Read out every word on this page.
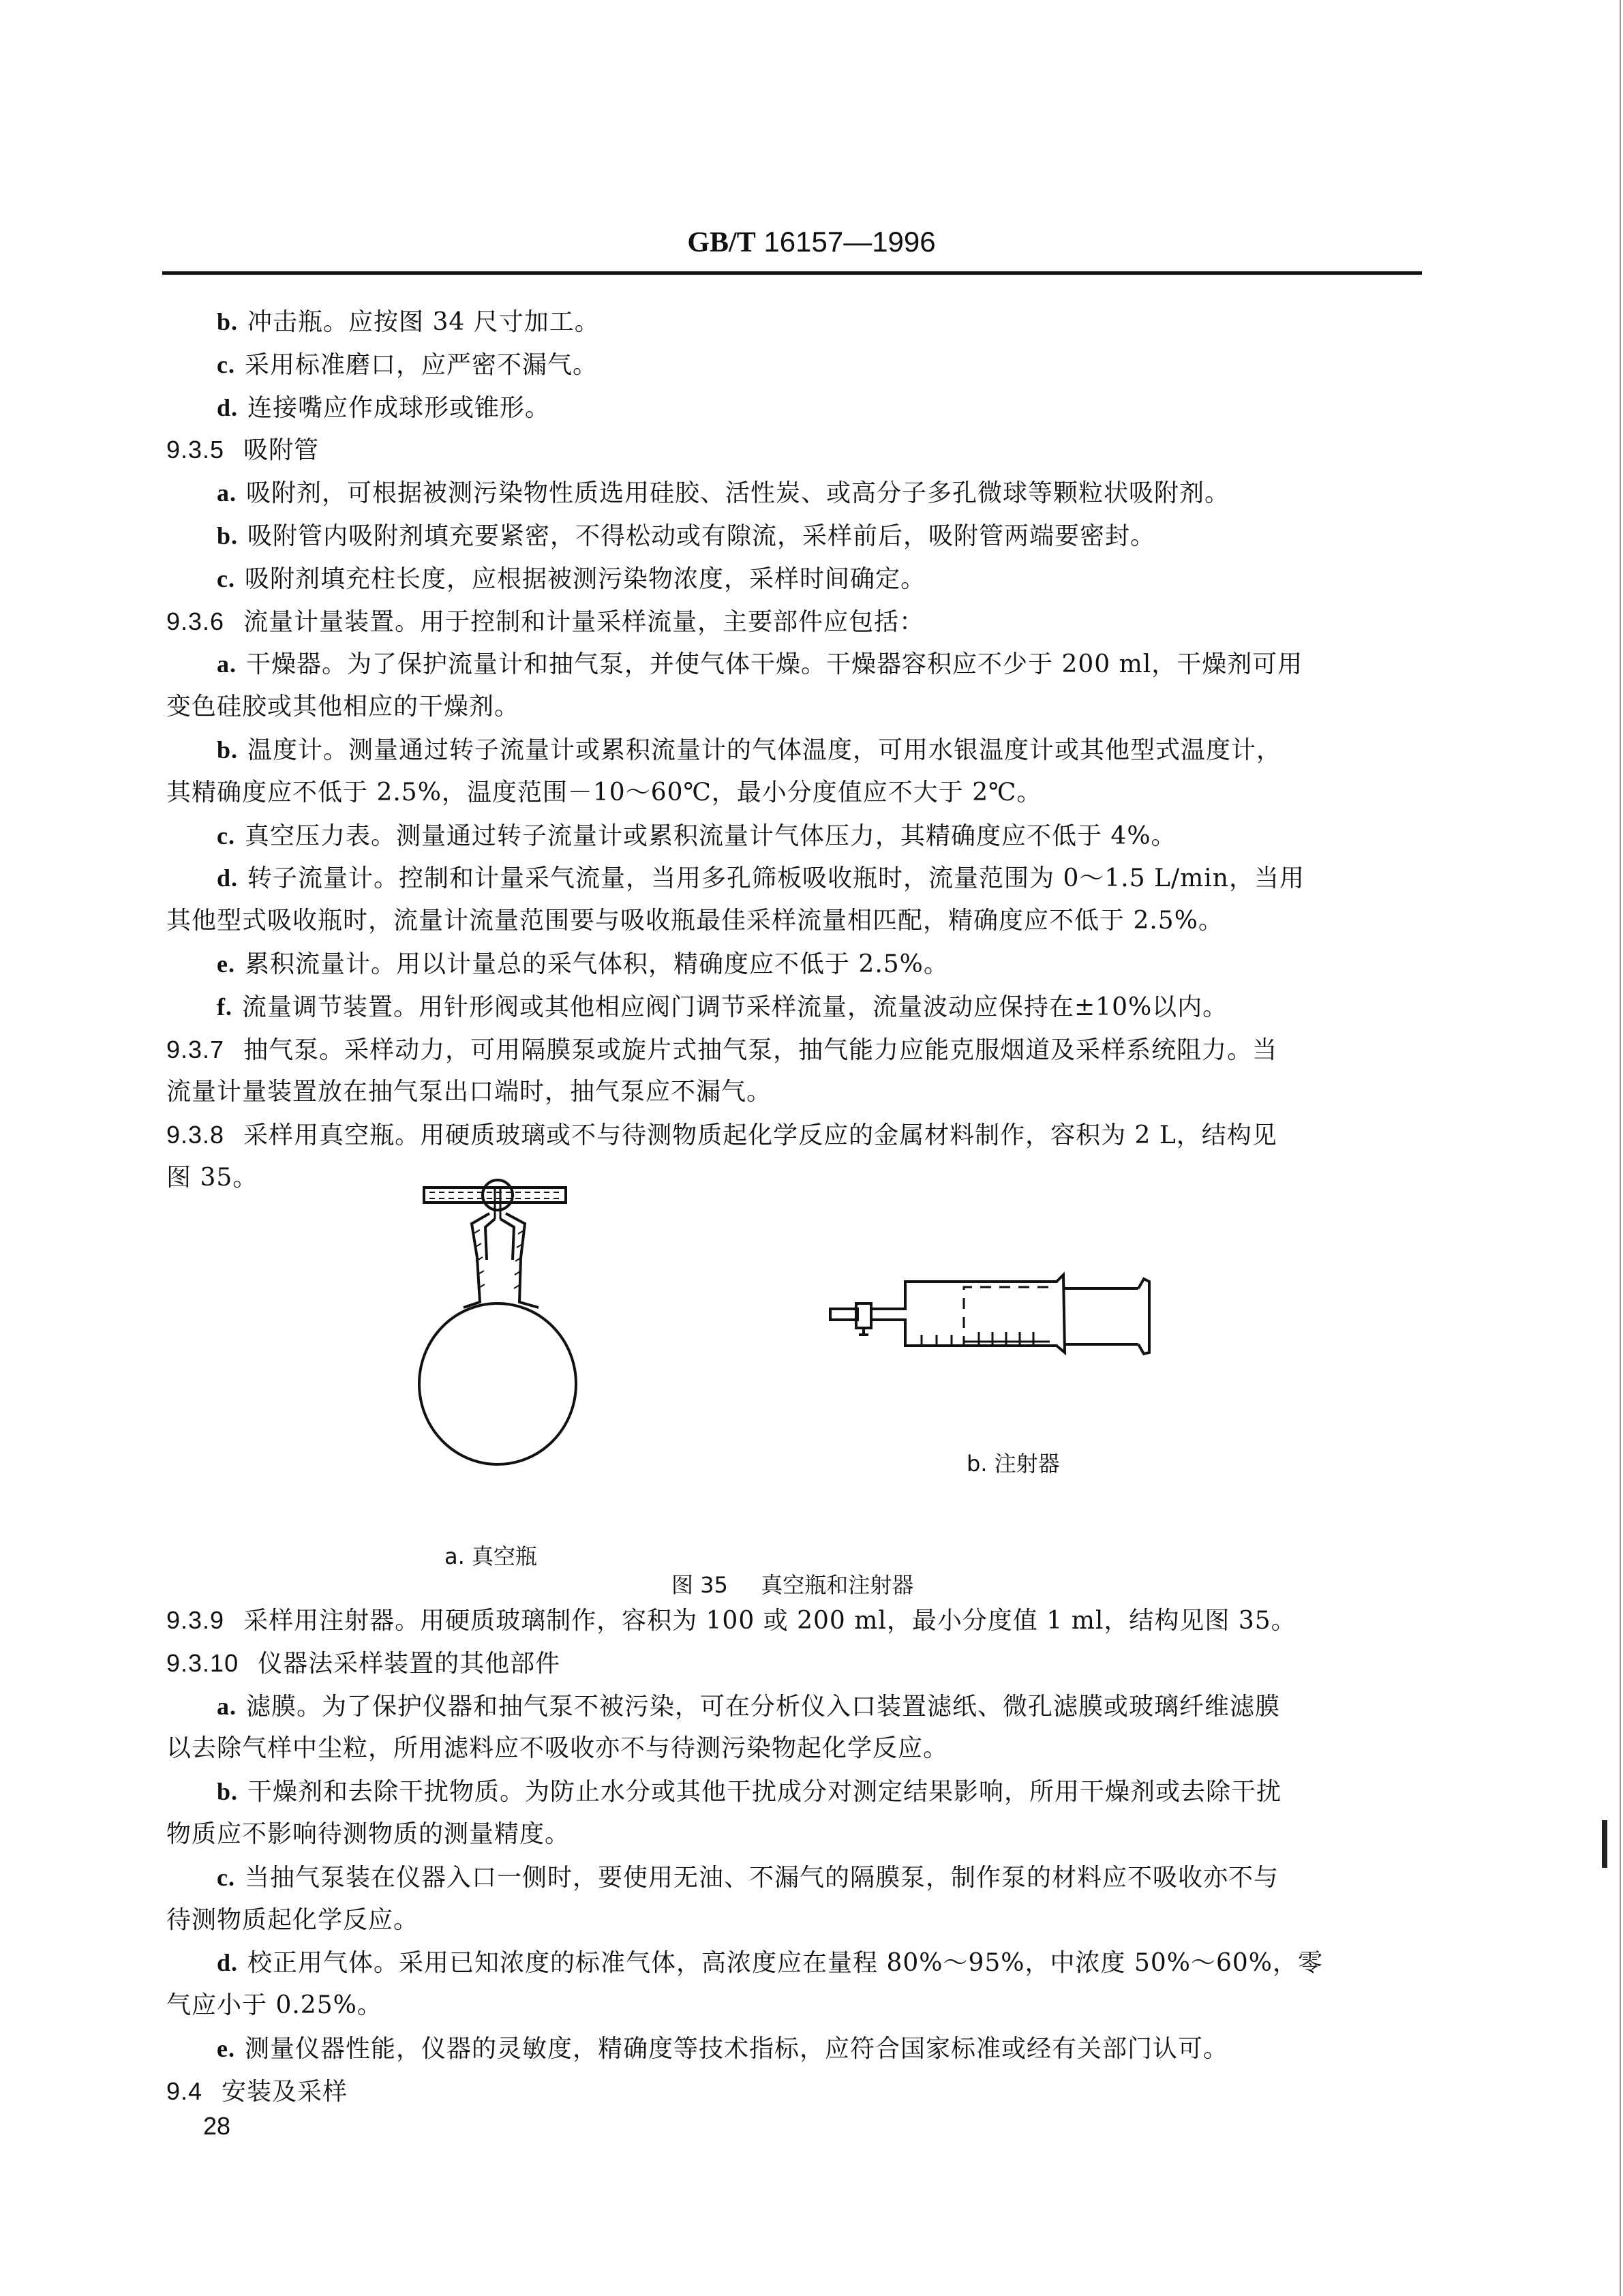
GB/T 16157—1996
b. 冲击瓶。应按图 34 尺寸加工。
c. 采用标准磨口，应严密不漏气。
d. 连接嘴应作成球形或锥形。
9.3.5 吸附管
a. 吸附剂，可根据被测污染物性质选用硅胶、活性炭、或高分子多孔微球等颗粒状吸附剂。
b. 吸附管内吸附剂填充要紧密，不得松动或有隙流，采样前后，吸附管两端要密封。
c. 吸附剂填充柱长度，应根据被测污染物浓度，采样时间确定。
9.3.6 流量计量装置。用于控制和计量采样流量，主要部件应包括：
a. 干燥器。为了保护流量计和抽气泵，并使气体干燥。干燥器容积应不少于 200 ml，干燥剂可用
变色硅胶或其他相应的干燥剂。
b. 温度计。测量通过转子流量计或累积流量计的气体温度，可用水银温度计或其他型式温度计，
其精确度应不低于 2.5%，温度范围－10～60℃，最小分度值应不大于 2℃。
c. 真空压力表。测量通过转子流量计或累积流量计气体压力，其精确度应不低于 4%。
d. 转子流量计。控制和计量采气流量，当用多孔筛板吸收瓶时，流量范围为 0～1.5 L/min，当用
其他型式吸收瓶时，流量计流量范围要与吸收瓶最佳采样流量相匹配，精确度应不低于 2.5%。
e. 累积流量计。用以计量总的采气体积，精确度应不低于 2.5%。
f. 流量调节装置。用针形阀或其他相应阀门调节采样流量，流量波动应保持在±10%以内。
9.3.7 抽气泵。采样动力，可用隔膜泵或旋片式抽气泵，抽气能力应能克服烟道及采样系统阻力。当
流量计量装置放在抽气泵出口端时，抽气泵应不漏气。
9.3.8 采样用真空瓶。用硬质玻璃或不与待测物质起化学反应的金属材料制作，容积为 2 L，结构见
图 35。
b. 注射器
a. 真空瓶
图 35 真空瓶和注射器
9.3.9 采样用注射器。用硬质玻璃制作，容积为 100 或 200 ml，最小分度值 1 ml，结构见图 35。
9.3.10 仪器法采样装置的其他部件
a. 滤膜。为了保护仪器和抽气泵不被污染，可在分析仪入口装置滤纸、微孔滤膜或玻璃纤维滤膜
以去除气样中尘粒，所用滤料应不吸收亦不与待测污染物起化学反应。
b. 干燥剂和去除干扰物质。为防止水分或其他干扰成分对测定结果影响，所用干燥剂或去除干扰
物质应不影响待测物质的测量精度。
c. 当抽气泵装在仪器入口一侧时，要使用无油、不漏气的隔膜泵，制作泵的材料应不吸收亦不与
待测物质起化学反应。
d. 校正用气体。采用已知浓度的标准气体，高浓度应在量程 80%～95%，中浓度 50%～60%，零
气应小于 0.25%。
e. 测量仪器性能，仪器的灵敏度，精确度等技术指标，应符合国家标准或经有关部门认可。
9.4 安装及采样
28
